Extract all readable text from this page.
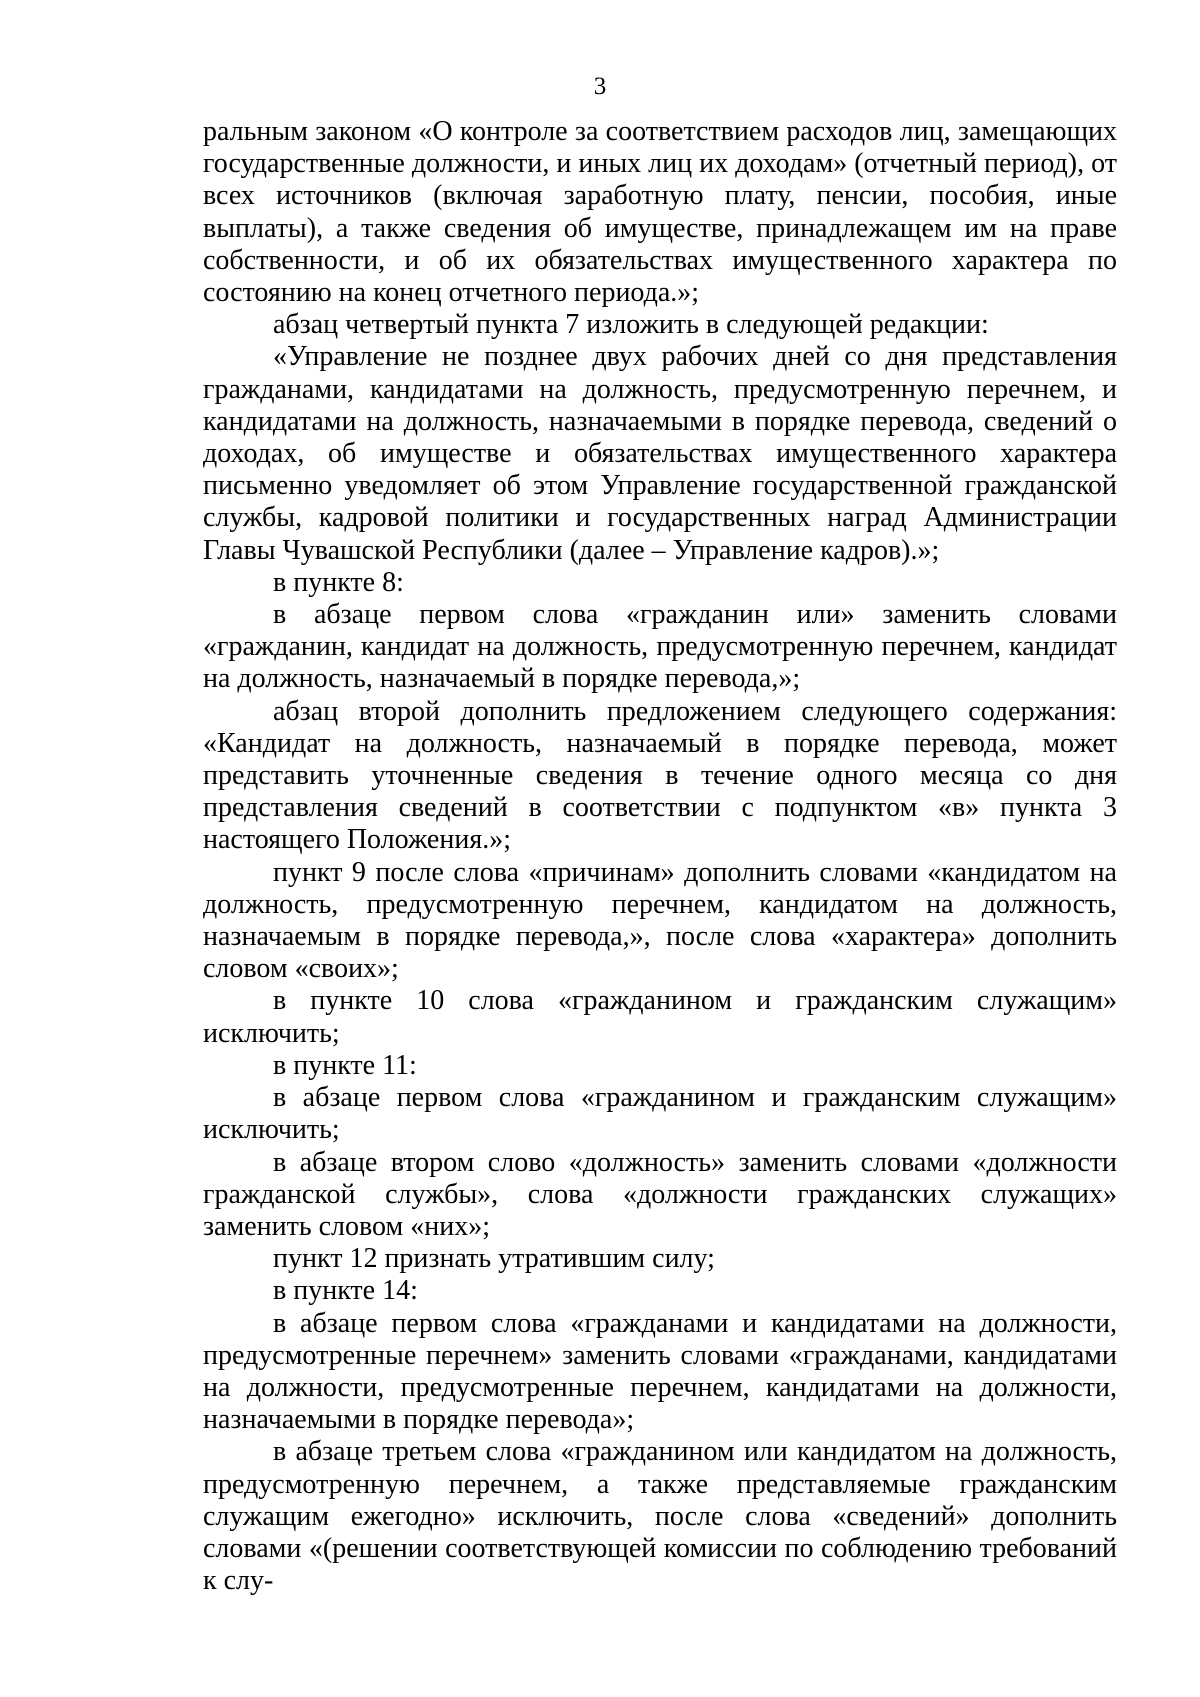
3

ральным законом «О контроле за соответствием расходов лиц, замещающих государственные должности, и иных лиц их доходам» (отчетный период), от всех источников (включая заработную плату, пенсии, пособия, иные выплаты), а также сведения об имуществе, принадлежащем им на праве собственности, и об их обязательствах имущественного характера по состоянию на конец отчетного периода.»;

абзац четвертый пункта 7 изложить в следующей редакции:

«Управление не позднее двух рабочих дней со дня представления гражданами, кандидатами на должность, предусмотренную перечнем, и кандидатами на должность, назначаемыми в порядке перевода, сведений о доходах, об имуществе и обязательствах имущественного характера письменно уведомляет об этом Управление государственной гражданской службы, кадровой политики и государственных наград Администрации Главы Чувашской Республики (далее – Управление кадров).»;

в пункте 8:

в абзаце первом слова «гражданин или» заменить словами «гражданин, кандидат на должность, предусмотренную перечнем, кандидат на должность, назначаемый в порядке перевода,»;

абзац второй дополнить предложением следующего содержания: «Кандидат на должность, назначаемый в порядке перевода, может представить уточненные сведения в течение одного месяца со дня представления сведений в соответствии с подпунктом «в» пункта 3 настоящего Положения.»;

пункт 9 после слова «причинам» дополнить словами «кандидатом на должность, предусмотренную перечнем, кандидатом на должность, назначаемым в порядке перевода,», после слова «характера» дополнить словом «своих»;

в пункте 10 слова «гражданином и гражданским служащим» исключить;

в пункте 11:

в абзаце первом слова «гражданином и гражданским служащим» исключить;

в абзаце втором слово «должность» заменить словами «должности гражданской службы», слова «должности гражданских служащих» заменить словом «них»;

пункт 12 признать утратившим силу;

в пункте 14:

в абзаце первом слова «гражданами и кандидатами на должности, предусмотренные перечнем» заменить словами «гражданами, кандидатами на должности, предусмотренные перечнем, кандидатами на должности, назначаемыми в порядке перевода»;

в абзаце третьем слова «гражданином или кандидатом на должность, предусмотренную перечнем, а также представляемые гражданским служащим ежегодно» исключить, после слова «сведений» дополнить словами «(решении соответствующей комиссии по соблюдению требований к слу-
